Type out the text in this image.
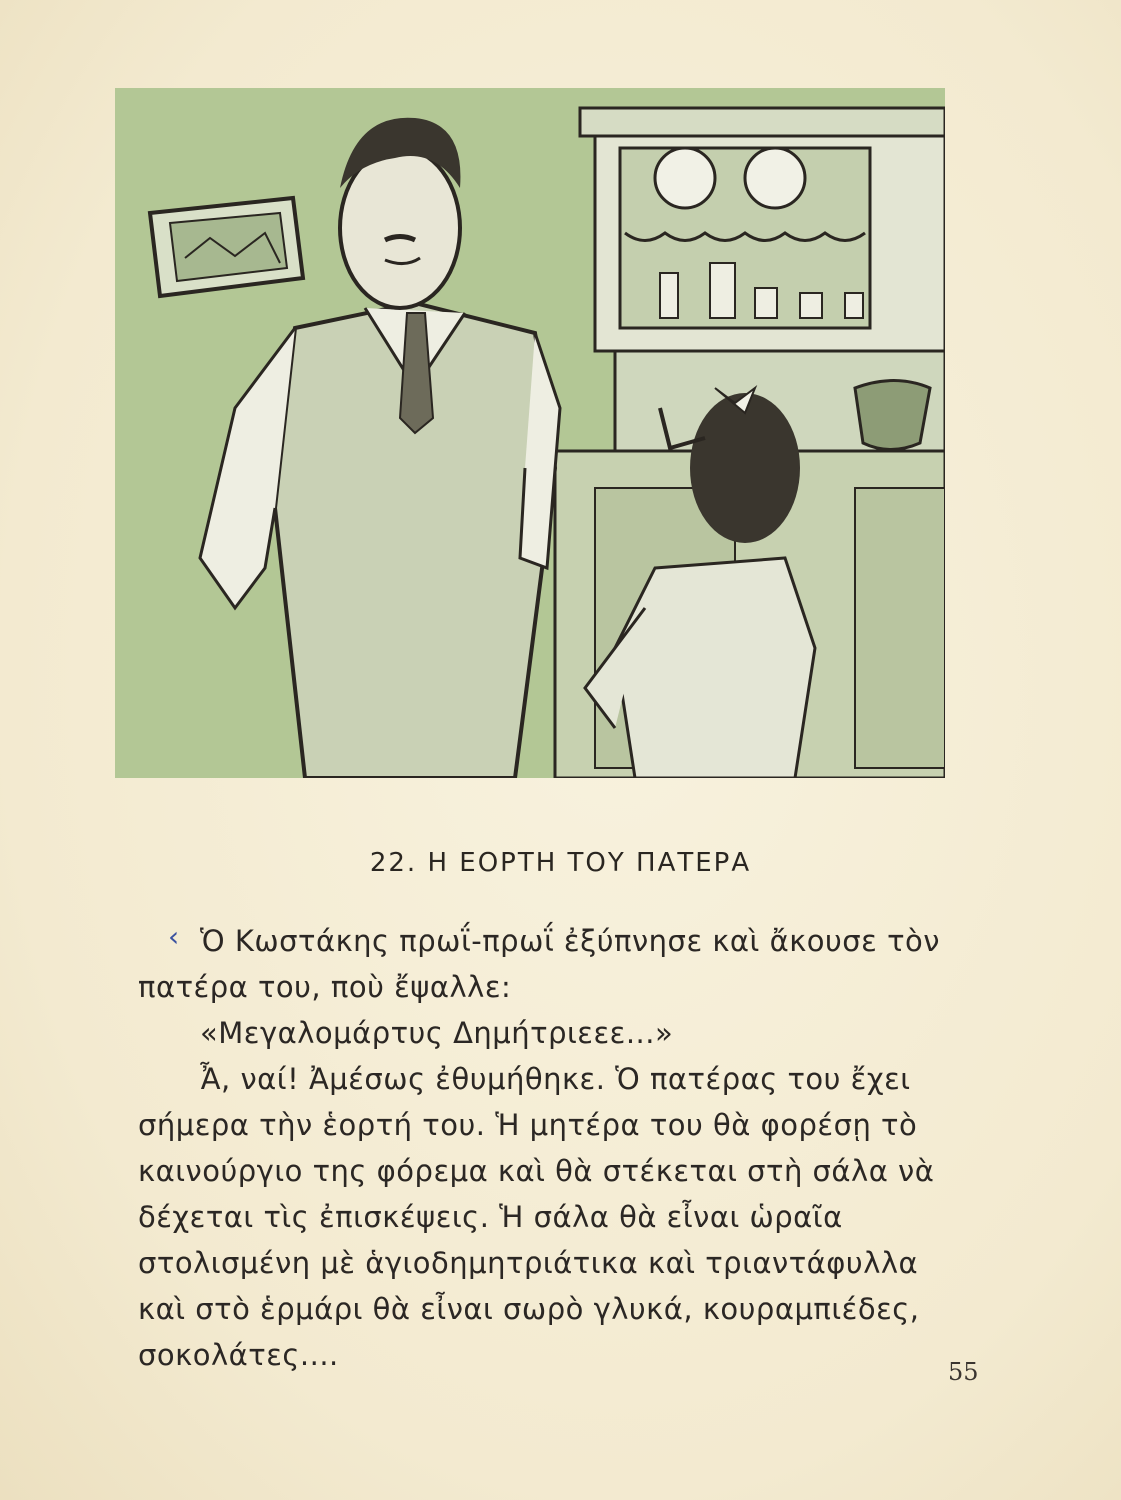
22. Η ΕΟΡΤΗ ΤΟΥ ΠΑΤΕΡΑ
‹ Ὁ Κωστάκης πρωΐ-πρωΐ ἐξύπνησε καὶ ἄκουσε τὸν πατέρα του, ποὺ ἔψαλλε:

«Μεγαλομάρτυς Δημήτριεεε...»

Ἆ, ναί! Ἀμέσως ἐθυμήθηκε. Ὁ πατέρας του ἔχει σήμερα τὴν ἑορτή του. Ἡ μητέρα του θὰ φορέσῃ τὸ καινούργιο της φόρεμα καὶ θὰ στέκεται στὴ σάλα νὰ δέχεται τὶς ἐπισκέψεις. Ἡ σάλα θὰ εἶναι ὡραῖα στολισμένη μὲ ἁγιοδημητριάτικα καὶ τριαντάφυλλα καὶ στὸ ἑρμάρι θὰ εἶναι σωρὸ γλυκά, κουραμπιέδες, σοκολάτες....	55
